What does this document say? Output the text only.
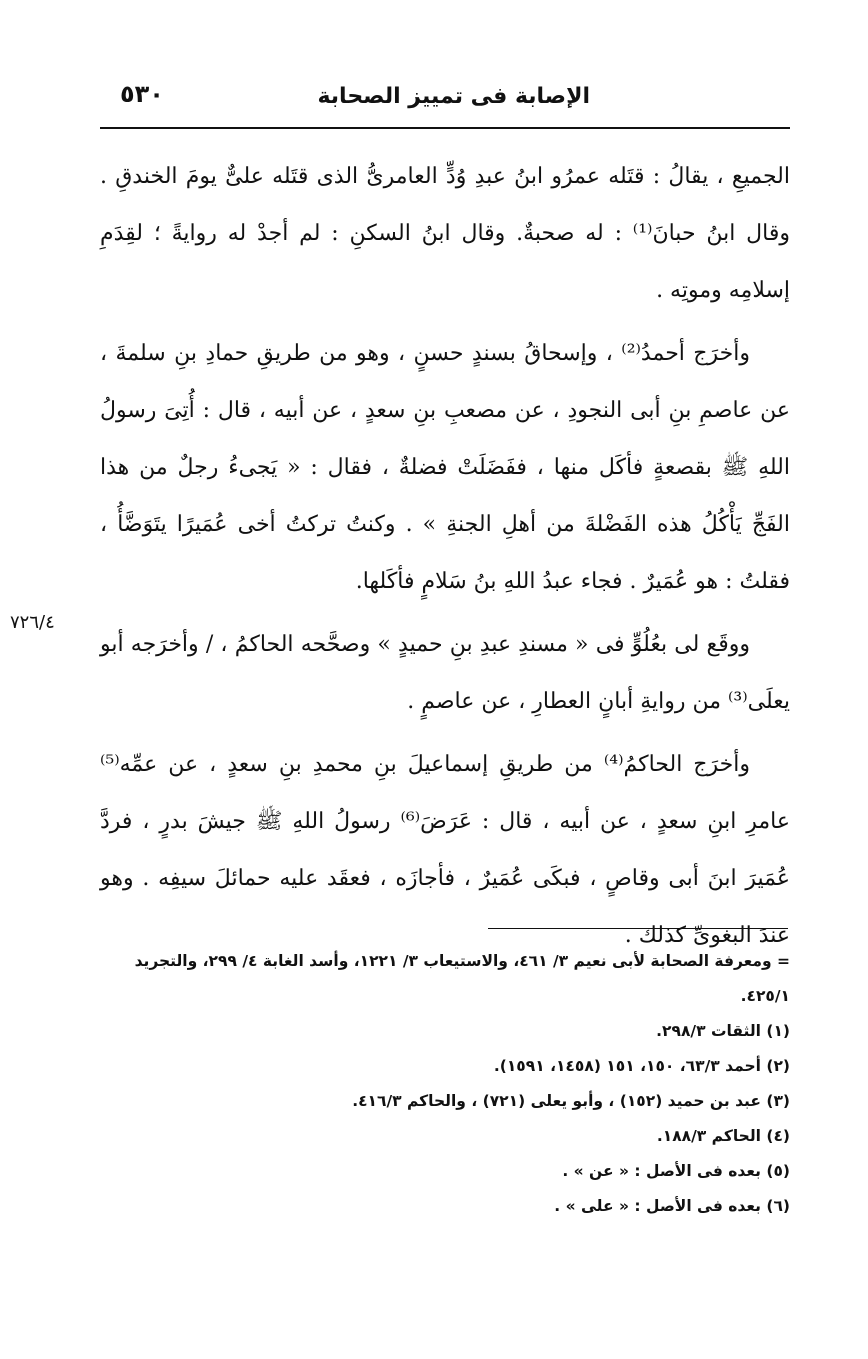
الإصابة فى تمييز الصحابة
٥٣٠
٧٢٦/٤

الجميعِ ، يقالُ : قتَله عمرُو ابنُ عبدِ وُدٍّ العامرىُّ الذى قتَله علىٌّ يومَ الخندقِ . وقال ابنُ حبانَ⁽¹⁾ : له صحبةٌ. وقال ابنُ السكنِ : لم أجدْ له روايةً ؛ لقِدَمِ إسلامِه وموتِه .

وأخرَج أحمدُ⁽²⁾ ، وإسحاقُ بسندٍ حسنٍ ، وهو من طريقِ حمادِ بنِ سلمةَ ، عن عاصمِ بنِ أبى النجودِ ، عن مصعبِ بنِ سعدٍ ، عن أبيه ، قال : أُتِىَ رسولُ اللهِ ﷺ بقصعةٍ فأكَل منها ، ففَضَلَتْ فضلةٌ ، فقال : « يَجىءُ رجلٌ من هذا الفَجِّ يَأْكُلُ هذه الفَضْلةَ من أهلِ الجنةِ » . وكنتُ تركتُ أخى عُمَيرًا يتَوَضَّأُ ، فقلتُ : هو عُمَيرٌ . فجاء عبدُ اللهِ بنُ سَلامٍ فأكَلها.

ووقَع لى بعُلُوٍّ فى « مسندِ عبدِ بنِ حميدٍ » وصحَّحه الحاكمُ ، / وأخرَجه أبو يعلَى⁽³⁾ من روايةِ أبانٍ العطارِ ، عن عاصمٍ .

وأخرَج الحاكمُ⁽⁴⁾ من طريقِ إسماعيلَ بنِ محمدِ بنِ سعدٍ ، عن عمِّه⁽⁵⁾ عامرِ ابنِ سعدٍ ، عن أبيه ، قال : عَرَضَ⁽⁶⁾ رسولُ اللهِ ﷺ جيشَ بدرٍ ، فردَّ عُمَيرَ ابنَ أبى وقاصٍ ، فبكَى عُمَيرٌ ، فأجازَه ، فعقَد عليه حمائلَ سيفِه . وهو عندَ البغوىِّ كذلك .

= ومعرفة الصحابة لأبى نعيم ٣/ ٤٦١، والاستيعاب ٣/ ١٢٢١، وأسد الغابة ٤/ ٢٩٩، والتجريد ٤٢٥/١.

(١) الثقات ٢٩٨/٣.

(٢) أحمد ٦٣/٣، ١٥٠، ١٥١ (١٤٥٨، ١٥٩١).

(٣) عبد بن حميد (١٥٢) ، وأبو يعلى (٧٢١) ، والحاكم ٤١٦/٣.

(٤) الحاكم ١٨٨/٣.

(٥) بعده فى الأصل : « عن » .

(٦) بعده فى الأصل : « على » .
